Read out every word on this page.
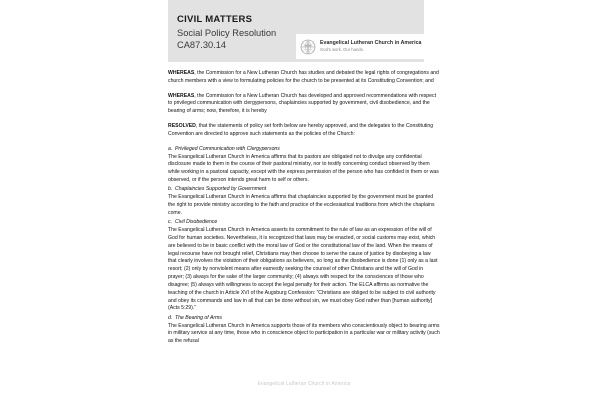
CIVIL MATTERS
Social Policy Resolution
CA87.30.14	Evangelical Lutheran Church in America
God's work. Our hands.

WHEREAS, the Commission for a New Lutheran Church has studies and debated the legal rights of congregations and church members with a view to formulating policies for the church to be presented at its Constituting Convention; and

WHEREAS, the Commission for a New Lutheran Church has developed and approved recommendations with respect to privileged communication with clergypersons, chaplaincies supported by government, civil disobedience, and the bearing of arms; now, therefore, it is hereby

RESOLVED, that the statements of policy set forth below are hereby approved, and the delegates to the Constituting Convention are directed to approve such statements as the policies of the Church:

a. Privileged Communication with Clergypersons

The Evangelical Lutheran Church in America affirms that its pastors are obligated not to divulge any confidential disclosure made to them in the course of their pastoral ministry, nor to testify concerning conduct observed by them while working in a pastoral capacity, except with the express permission of the person who has confided in them or was observed, or if the person intends great harm to self or others.

b. Chaplaincies Supported by Government

The Evangelical Lutheran Church in America affirms that chaplaincies supported by the government must be granted the right to provide ministry according to the faith and practice of the ecclesiastical traditions from which the chaplains come.

c. Civil Disobedience

The Evangelical Lutheran Church in America asserts its commitment to the rule of law as an expression of the will of God for human societies. Nevertheless, it is recognized that laws may be enacted, or social customs may exist, which are believed to be in basic conflict with the moral law of God or the constitutional law of the land. When the means of legal recourse have not brought relief, Christians may then choose to serve the cause of justice by disobeying a law that clearly involves the violation of their obligations as believers, so long as the disobedience is done (1) only as a last resort; (2) only by nonviolent means after earnestly seeking the counsel of other Christians and the will of God in prayer; (3) always for the sake of the larger community; (4) always with respect for the consciences of those who disagree; (5) always with willingness to accept the legal penalty for their action. The ELCA affirms as normative the teaching of the church in Article XVI of the Augsburg Confession: “Christians are obliged to be subject to civil authority and obey its commands and law in all that can be done without sin, we must obey God rather than [human authority] (Acts 5:29).”

d. The Bearing of Arms

The Evangelical Lutheran Church in America supports those of its members who conscientiously object to bearing arms in military service at any time, those who in conscience object to participation in a particular war or military activity (such as the refusal

Evangelical Lutheran Church in America
